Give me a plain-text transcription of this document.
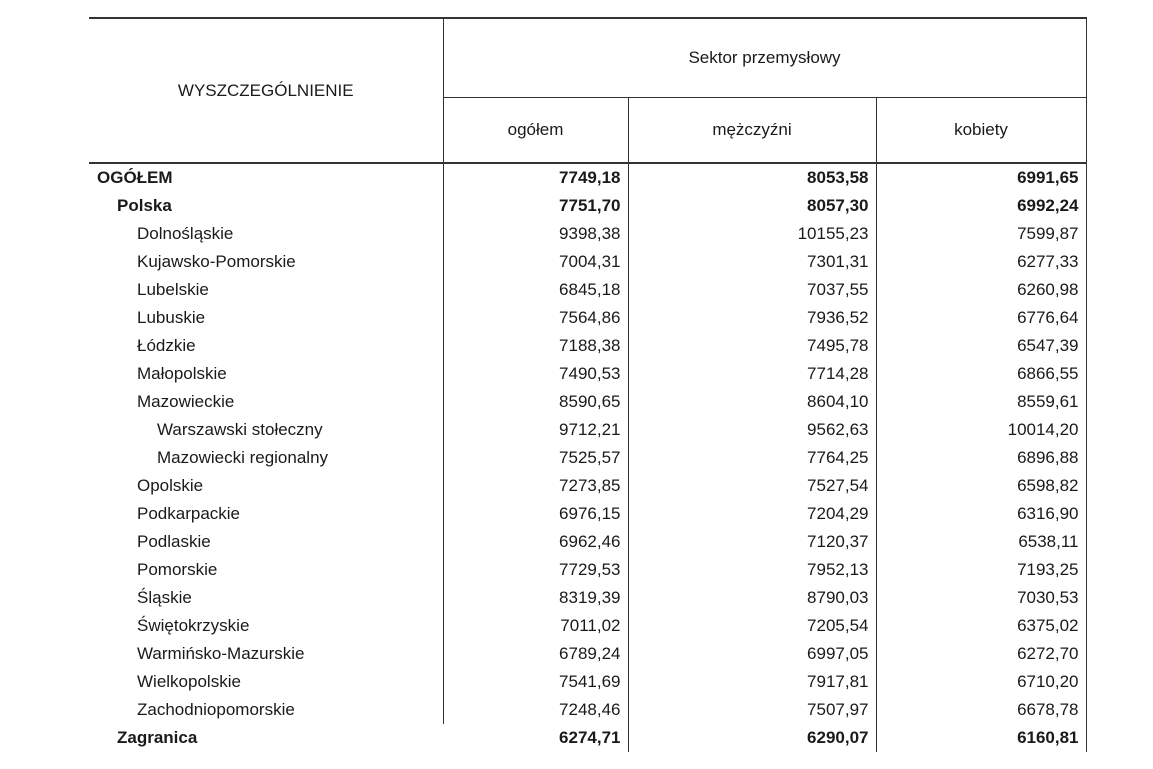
WYSZCZEGÓLNIENIE	Sektor przemysłowy		
	ogółem	mężczyźni	kobiety
OGÓŁEM	7749,18	8053,58	6991,65
Polska	7751,70	8057,30	6992,24
Dolnośląskie	9398,38	10155,23	7599,87
Kujawsko-Pomorskie	7004,31	7301,31	6277,33
Lubelskie	6845,18	7037,55	6260,98
Lubuskie	7564,86	7936,52	6776,64
Łódzkie	7188,38	7495,78	6547,39
Małopolskie	7490,53	7714,28	6866,55
Mazowieckie	8590,65	8604,10	8559,61
Warszawski stołeczny	9712,21	9562,63	10014,20
Mazowiecki regionalny	7525,57	7764,25	6896,88
Opolskie	7273,85	7527,54	6598,82
Podkarpackie	6976,15	7204,29	6316,90
Podlaskie	6962,46	7120,37	6538,11
Pomorskie	7729,53	7952,13	7193,25
Śląskie	8319,39	8790,03	7030,53
Świętokrzyskie	7011,02	7205,54	6375,02
Warmińsko-Mazurskie	6789,24	6997,05	6272,70
Wielkopolskie	7541,69	7917,81	6710,20
Zachodniopomorskie	7248,46	7507,97	6678,78
Zagranica	6274,71	6290,07	6160,81
